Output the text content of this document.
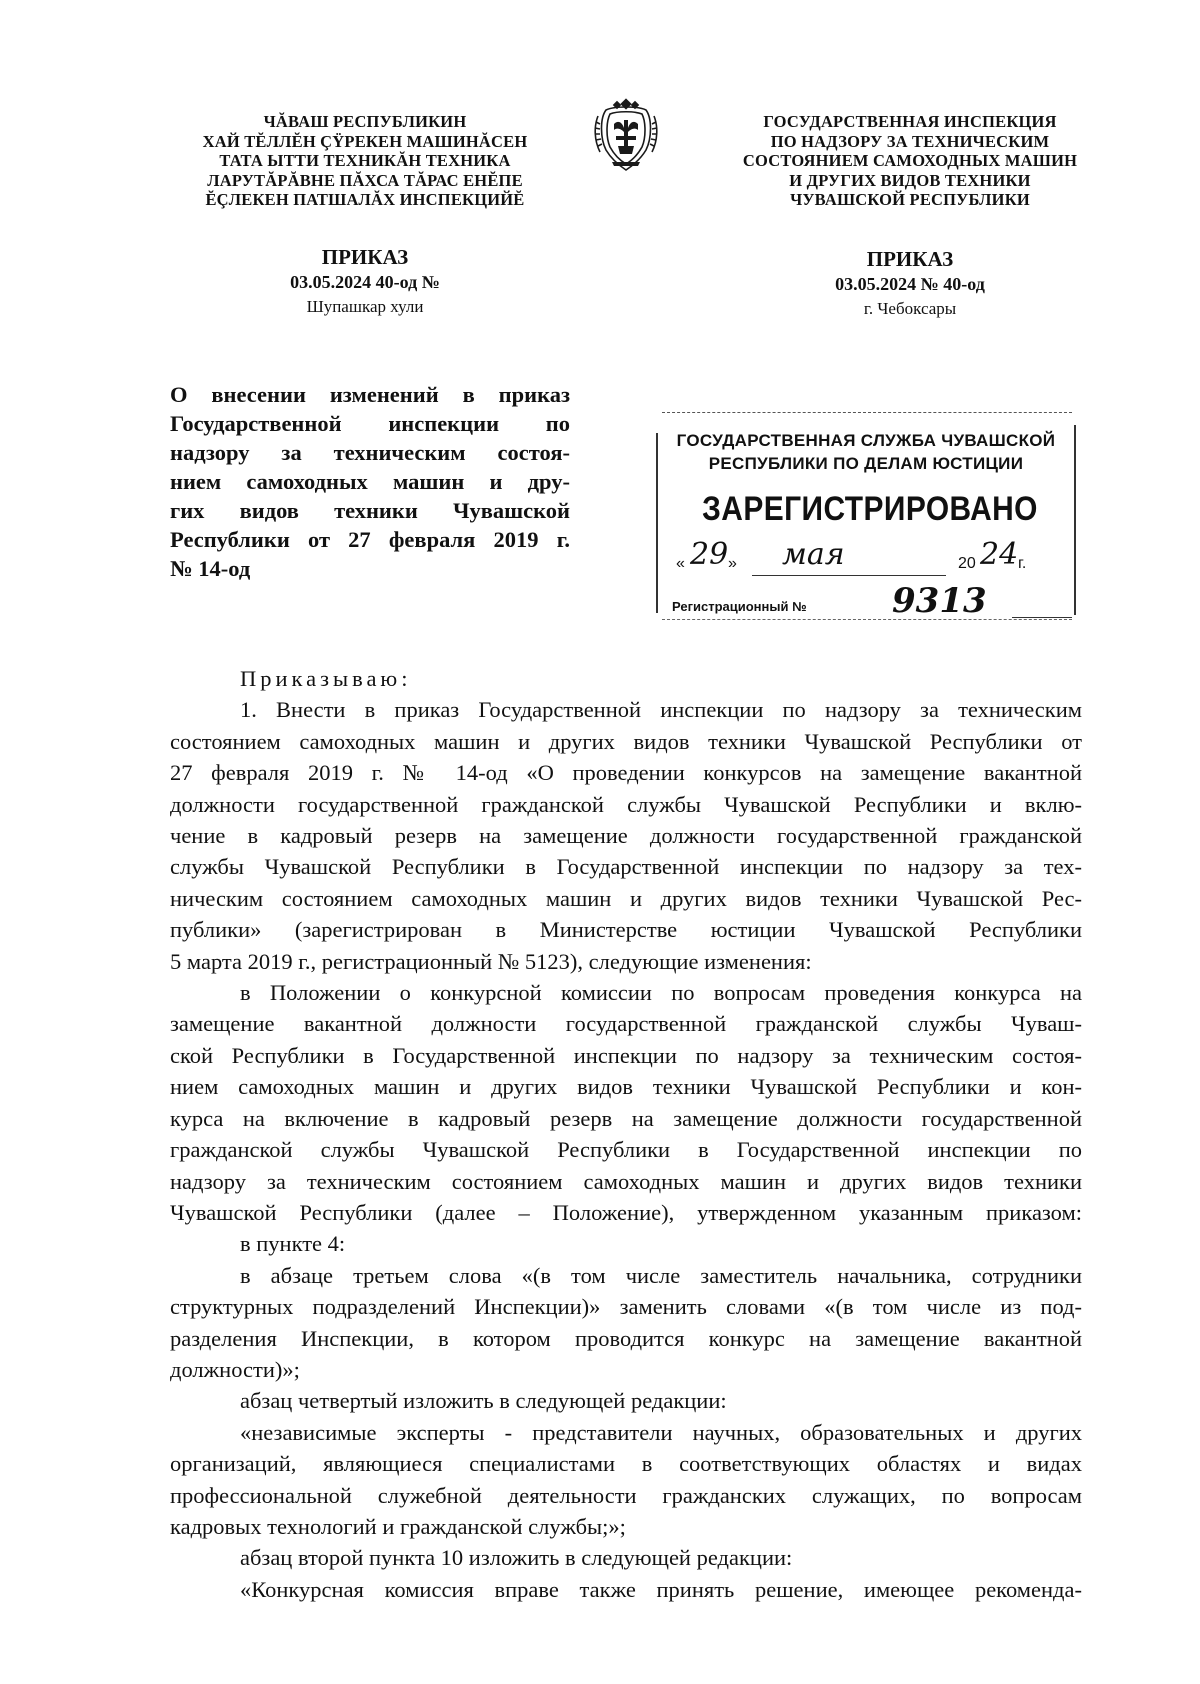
ЧĂВАШ РЕСПУБЛИКИН
ХАЙ ТĔЛЛĔН ÇŸРЕКЕН МАШИНĂСЕН
ТАТА ЫТТИ ТЕХНИКĂН ТЕХНИКА
ЛАРУТĂРĂВНЕ ПĂХСА ТĂРАС ЕНĔПЕ
ĔÇЛЕКЕН ПАТШАЛĂХ ИНСПЕКЦИЙĔ
ПРИКАЗ
03.05.2024 40-од №
Шупашкар хули
ГОСУДАРСТВЕННАЯ ИНСПЕКЦИЯ
ПО НАДЗОРУ ЗА ТЕХНИЧЕСКИМ
СОСТОЯНИЕМ САМОХОДНЫХ МАШИН
И ДРУГИХ ВИДОВ ТЕХНИКИ
ЧУВАШСКОЙ РЕСПУБЛИКИ
ПРИКАЗ
03.05.2024 № 40-од
г. Чебоксары
О внесении изменений в приказ
Государственной инспекции по
надзору за техническим состоя-
нием самоходных машин и дру-
гих видов техники Чувашской
Республики от 27 февраля 2019 г.
№ 14-од
ГОСУДАРСТВЕННАЯ СЛУЖБА ЧУВАШСКОЙ
РЕСПУБЛИКИ ПО ДЕЛАМ ЮСТИЦИИ
ЗАРЕГИСТРИРОВАНО
« 29 » мая	20 24 г.
Регистрационный №	9313
Приказываю:
1. Внести в приказ Государственной инспекции по надзору за техническим
состоянием самоходных машин и других видов техники Чувашской Республики от
27 февраля 2019 г. № 14-од «О проведении конкурсов на замещение вакантной
должности государственной гражданской службы Чувашской Республики и вклю-
чение в кадровый резерв на замещение должности государственной гражданской
службы Чувашской Республики в Государственной инспекции по надзору за тех-
ническим состоянием самоходных машин и других видов техники Чувашской Рес-
публики» (зарегистрирован в Министерстве юстиции Чувашской Республики
5 марта 2019 г., регистрационный № 5123), следующие изменения:
в Положении о конкурсной комиссии по вопросам проведения конкурса на
замещение вакантной должности государственной гражданской службы Чуваш-
ской Республики в Государственной инспекции по надзору за техническим состоя-
нием самоходных машин и других видов техники Чувашской Республики и кон-
курса на включение в кадровый резерв на замещение должности государственной
гражданской службы Чувашской Республики в Государственной инспекции по
надзору за техническим состоянием самоходных машин и других видов техники
Чувашской Республики (далее – Положение), утвержденном указанным приказом:
в пункте 4:
в абзаце третьем слова «(в том числе заместитель начальника, сотрудники
структурных подразделений Инспекции)» заменить словами «(в том числе из под-
разделения Инспекции, в котором проводится конкурс на замещение вакантной
должности)»;
абзац четвертый изложить в следующей редакции:
«независимые эксперты - представители научных, образовательных и других
организаций, являющиеся специалистами в соответствующих областях и видах
профессиональной служебной деятельности гражданских служащих, по вопросам
кадровых технологий и гражданской службы;»;
абзац второй пункта 10 изложить в следующей редакции:
«Конкурсная комиссия вправе также принять решение, имеющее рекоменда-
